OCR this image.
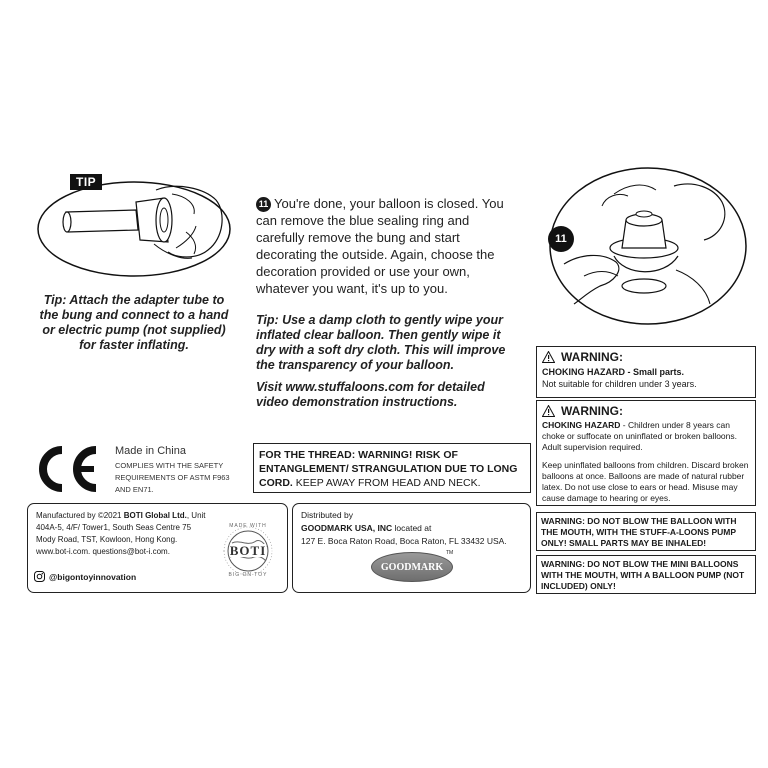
TIP
Tip: Attach the adapter tube to the bung and connect to a hand or electric pump (not supplied) for faster inflating.
11 You're done, your balloon is closed. You can remove the blue sealing ring and carefully remove the bung and start decorating the outside. Again, choose the decoration provided or use your own, whatever you want, it's up to you.
Tip: Use a damp cloth to gently wipe your inflated clear balloon. Then gently wipe it dry with a soft dry cloth. This will improve the transparency of your balloon.
Visit www.stuffaloons.com for detailed video demonstration instructions.
11
WARNING:
CHOKING HAZARD - Small parts.
Not suitable for children under 3 years.
WARNING:
CHOKING HAZARD - Children under 8 years can choke or suffocate on uninflated or broken balloons. Adult supervision required.
Keep uninflated balloons from children. Discard broken balloons at once. Balloons are made of natural rubber latex. Do not use close to ears or head. Misuse may cause damage to hearing or eyes.
Made in China
COMPLIES WITH THE SAFETY REQUIREMENTS OF ASTM F963 AND EN71.
FOR THE THREAD: WARNING! RISK OF ENTANGLEMENT/ STRANGULATION DUE TO LONG CORD. KEEP AWAY FROM HEAD AND NECK.
Manufactured by ©2021 BOTI Global Ltd., Unit 404A-5, 4/F/ Tower1, South Seas Centre 75 Mody Road, TST, Kowloon, Hong Kong. www.bot-i.com. questions@bot-i.com.
@bigontoyinnovation
BOTI
MADE WITH
BIG ON TOY
Distributed by
GOODMARK USA, INC located at
127 E. Boca Raton Road, Boca Raton, FL 33432 USA.
GOODMARK
TM
WARNING: DO NOT BLOW THE BALLOON WITH THE MOUTH, WITH THE STUFF-A-LOONS PUMP ONLY! SMALL PARTS MAY BE INHALED!
WARNING: DO NOT BLOW THE MINI BALLOONS WITH THE MOUTH, WITH A BALLOON PUMP (NOT INCLUDED) ONLY!
